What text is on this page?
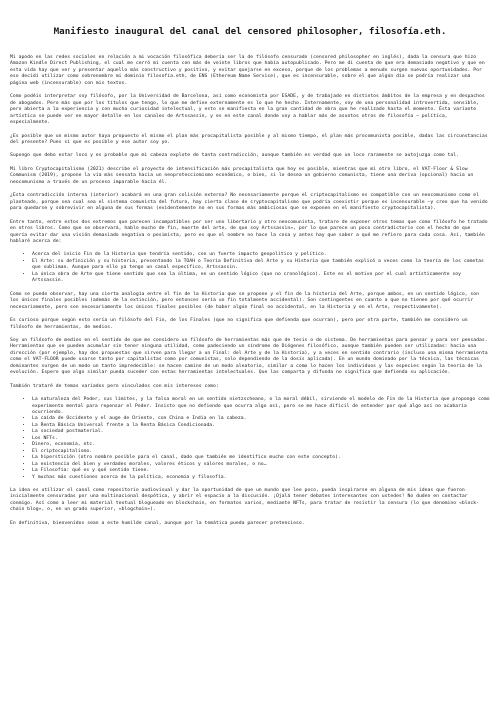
Manifiesto inaugural del canal del censored philosopher, filosofía.eth.

Mi apodo en las redes sociales en relación a mi vocación filosófica debería ser la de filósofo censurado (censored philosopher en inglés), dada la censura que hizo Amazon Kindle Direct Publishing, el cual me cerró mi cuenta con más de veinte libros que había autopublicado. Pero me di cuenta de que era demasiado negativo y que en esta vida hay que ver y presentar aquello más constructivo y positivo, y evitar quejarse en exceso, porque de los problemas a menudo surgen nuevas oportunidades. Por eso decidí utilizar como sobrenombre mi dominio filosofía.eth, de ENS (Ethereum Name Service), que es incensurable, sobre el que algún día se podría realizar una página web (incensurable) con mis textos.

Como podéis interpretar soy filósofo, por la Universidad de Barcelona, así como economista por ESADE, y de trabajado en distintos ámbitos de la empresa y en despachos de abogados. Pero más que por los títulos que tengo, lo que me define externamente es lo que he hecho. Internamente, soy de una personalidad introvertida, sensible, pero abierta a la experiencia y con mucha curiosidad intelectual, y esto se manifiesta en la gran cantidad de obra que he realizado hasta el momento. Ésta variante artística se puede ver en mayor detalle en los canales de Artssassin, y es en este canal donde voy a hablar más de asuntos otros de filosofía — política, especialmente.

¿Es posible que un mismo autor haya propuesto el mismo el plan más procapitalista posible y al mismo tiempo, el plan más procomunista posible, dadas las circunstancias del presente? Pues sí que es posible y ese autor soy yo.

Supongo que debo estar loco y es probable que mi cabeza explote de tanta contradicción, aunque también es verdad que un loco raramente se autojuzga como tal.

Mi libro Cryptocapitalismo (2021) describe el proyecto de intensificación más procapitalista que hoy es posible, mientras que mi otro libro, el VAT-Floor & Slow Communism (2019), propone la vía más sensata hacia un neoprotecciomismo económico, o bien, si lo desea un gobierno comunista, tiene una deriva (opcional) hacia un neocomunismo a través de un proceso imparable hacia él.

¿Esta contradicción interna (interior) acabará en una gran colisión externa? No necesariamente porque el criptocapitalismo es compatible con un neocomunismo como el planteado, porque sea cual sea el sistema comunista del futuro, hay cierta clase de cryptocapitalismo que podría coexistir porque es incensurable —y creo que ha venido para quedarse y sobrevivir en alguna de sus formas (evidentemente no en sus formas más ambiciosas que se exponen en el manifiesto cryptocapitalista).

Entre tanto, entre estos dos extremos que parecen incompatibles por ser uno libertario y otro neocomunista, tratare de exponer otros temas que como filósofo he tratado en otros libros. Como que se observará, hablo mucho de fin, muerte del arte, de que soy Artssassin», por lo que parece un poco contradictorio con el hecho de que quería evitar dar una visión demasiado negativa o pesimista, pero es que el nombre no hace la cosa y antes hay que saber a qué me refiero para cada cosa. Así, también hablaré acerca de:

• Acerca del inicio Fin de la Historia que tendría sentido, con un fuerte impacto geopolítico y político.
• El Arte: su definición y su historia, presentando la TOAH o Teoría Definitiva del Arte y su Historia que también explicó a veces como la teoría de los cometas que subliman. Aunque para ello ya tengo un canal específico, Artssassin.
• La única obra de Arte que tiene sentido que sea la última, en un sentido lógico (que no cronológico). Este es el motivo por el cual artísticamente soy Artssassin.

Como se puede observar, hay una cierta analogía entre el fin de la Historia que se propone y el fin de la historia del Arte, porque ambos, en un sentido lógico, son los únicos finales posibles (además de la extinción, pero entonces sería un fin totalmente accidental). Son contingentes en cuanto a que no tienen por qué ocurrir necesariamente, pero son necesariamente los únicos finales posibles (de haber algún final no accidental, en la Historia y en el Arte, respectivamente).

Es curioso porque según esto sería un filósofo del Fin, de los Finales (que no significa que defienda que ocurran), pero por otra parte, también me considero un filósofo de herramientas, de medios.

Soy un filósofo de medios en el sentido de que me considero un filósofo de herramientas más que de tesis o de sistema. De herramientas para pensar y para ser pensadas. Herramientas que se pueden acumular sin tener ninguna utilidad, como padeciendo un síndrome de Diógenes filosófico, aunque también pueden ser utilizadas: hacia una dirección (por ejemplo, hay dos propuestas que sirven para llegar a un Final: del Arte y de la Historia), y a veces en sentido contrario (incluso una misma herramienta como el VAT-FLOOR puede usarse tanto por capitalistas como por comunistas, solo dependiendo de la dosis aplicada). En un mundo dominado por la técnica, las técnicas dominantes surgen de un modo un tanto impredecible: se hacen camino de un modo aleatorio, similar a como lo hacen los individuos y las especies según la teoría de la evolución. Espero que algo similar pueda suceder con estas herramientas intelectuales. Que las comparta y difunda no significa que defienda su aplicación.

También trataré de temas variados pero vinculados con mis intereses como:

• La naturaleza del Poder, sus límites, y la falsa moral en un sentido nietzscheano, o la moral débil, sirviendo el modelo de Fin de la Historia que propongo como experimento mental para repensar el Poder. Insisto que no defiendo que ocurra algo así, pero se me hace difícil de entender por qué algo así no acabaría ocurriendo.
• La caída de Occidente y el auge de Oriente, con China e India en la cabeza.
• La Renta Básica Universal frente a la Renta Básica Condicionada.
• La sociedad postmaterial.
• Los NFTs.
• Dinero, economía, etc.
• El criptocapitalismo.
• La hiperstición (otro nombre posible para el canal, dado que también me identifico mucho con este concepto).
• La existencia del bien y verdades morales, valores éticos y valores morales, o no…
• La Filosofía: qué es y qué sentido tiene.
• Y muchas más cuestiones acerca de la política, economía y filosofía.

La idea es utilizar el canal como repositorio audiovisual y dar la oportunidad de que un mundo que lee poco, pueda inspirarse en alguna de mis ideas que fueron inicialmente censuradas por una multinacional despótica, y abrir el espacio a la discusión. ¡Ojalá tener debates interesantes con ustedes! No duden en contactar conmigo. Así como a leer mi material textual blogueado en blockchain, en formatos varios, mediante NFTs, para tratar de resistir la censura (lo que denomino «block-chain blog», o, en un grado superior, «blogchain»).

En definitiva, bienvenidos sean a este humilde canal, aunque por la temática pueda parecer pretencioso.
